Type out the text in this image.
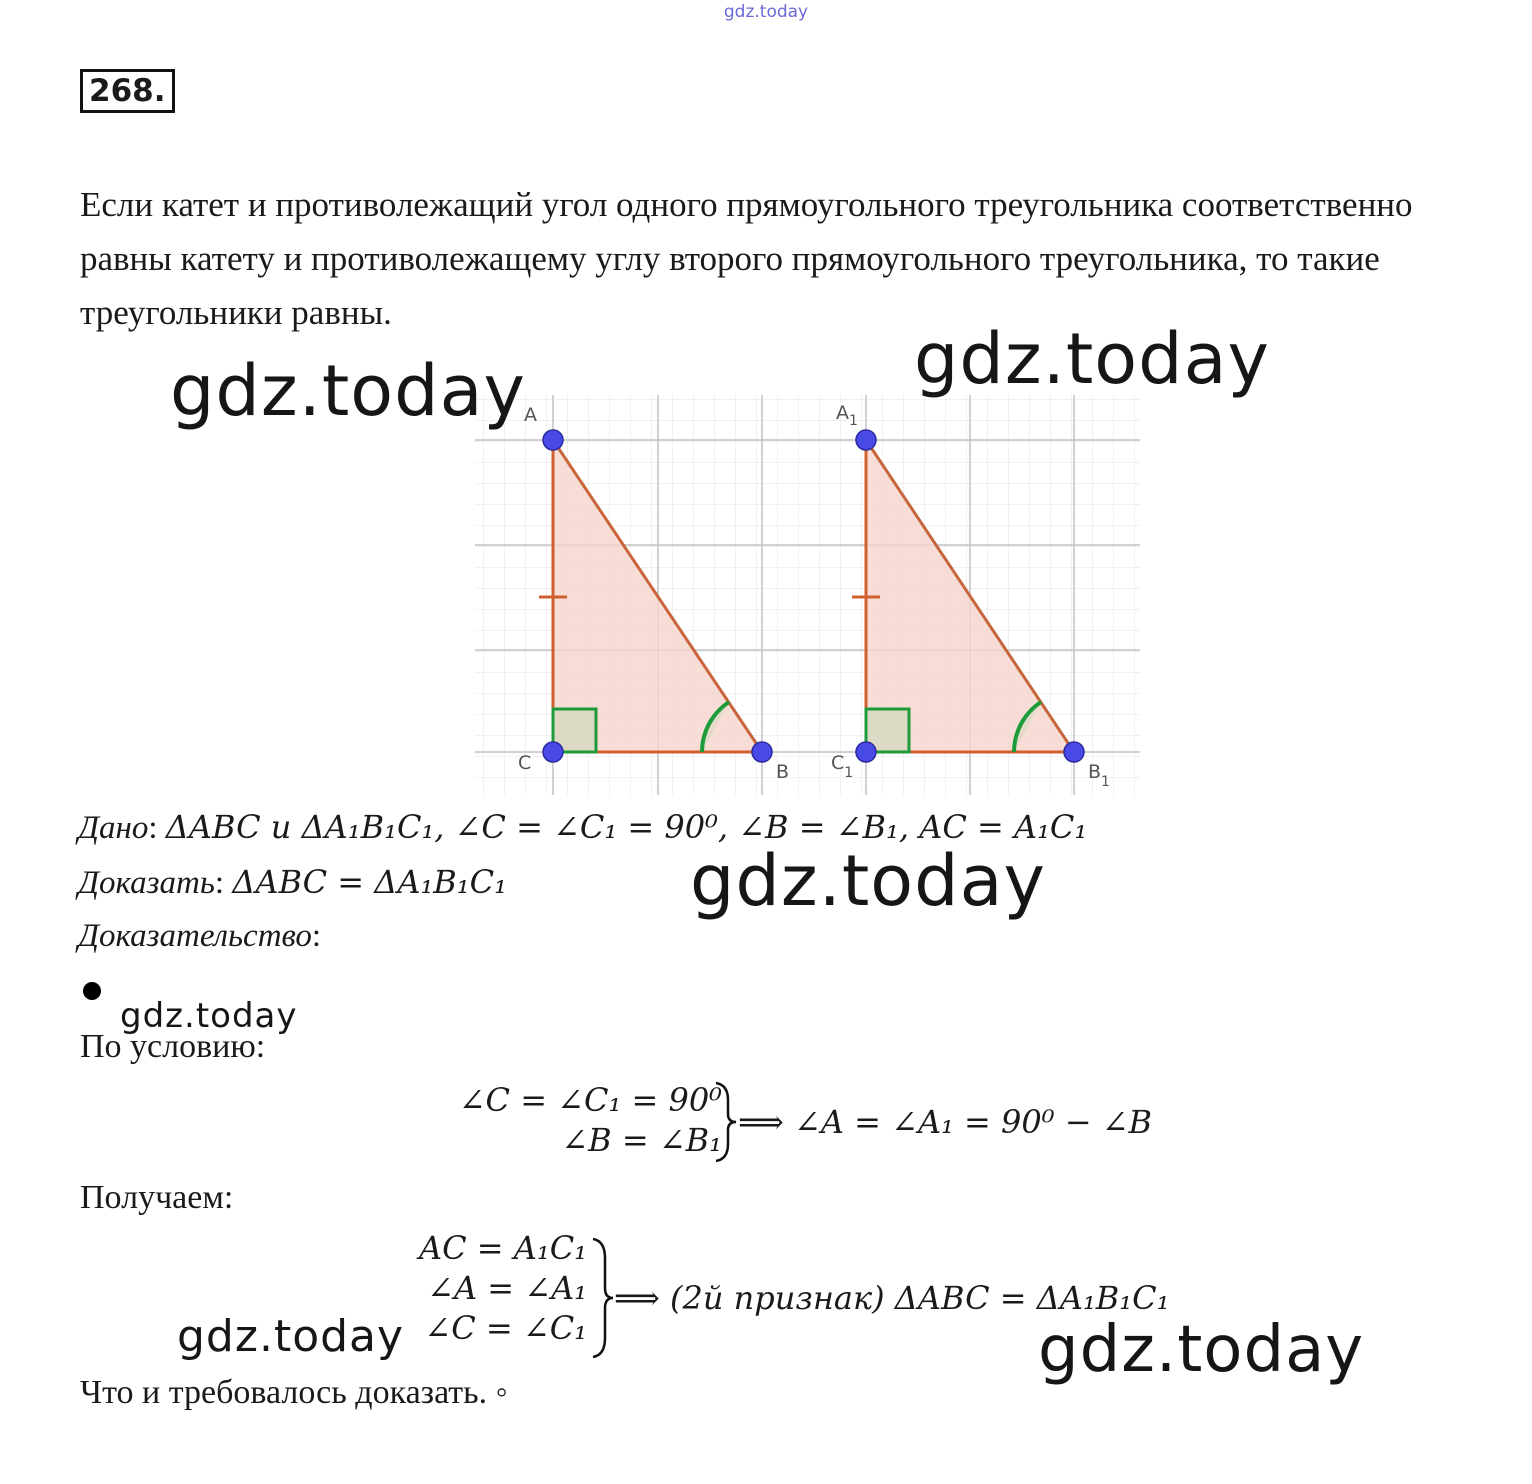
gdz.today
268.
Если катет и противолежащий угол одного прямоугольного треугольника соответственно равны катету и противолежащему углу второго прямоугольного треугольника, то такие треугольники равны.
A
C	B
$A_1$
$C_1$	$B_1$
Дано: ΔABC и ΔA₁B₁C₁, ∠C = ∠C₁ = 90⁰, ∠B = ∠B₁, AC = A₁C₁
Доказать: ΔABC = ΔA₁B₁C₁
Доказательство:
По условию:
∠C = ∠C₁ = 90⁰
∠B = ∠B₁ ⟹ ∠A = ∠A₁ = 90⁰ − ∠B
Получаем:
AC = A₁C₁
∠A = ∠A₁
∠C = ∠C₁
⟹ (2й признак) ΔABC = ΔA₁B₁C₁
Что и требовалось доказать. ◦
gdz.today	gdz.today
gdz.today
gdz.today
gdz.today	gdz.today
